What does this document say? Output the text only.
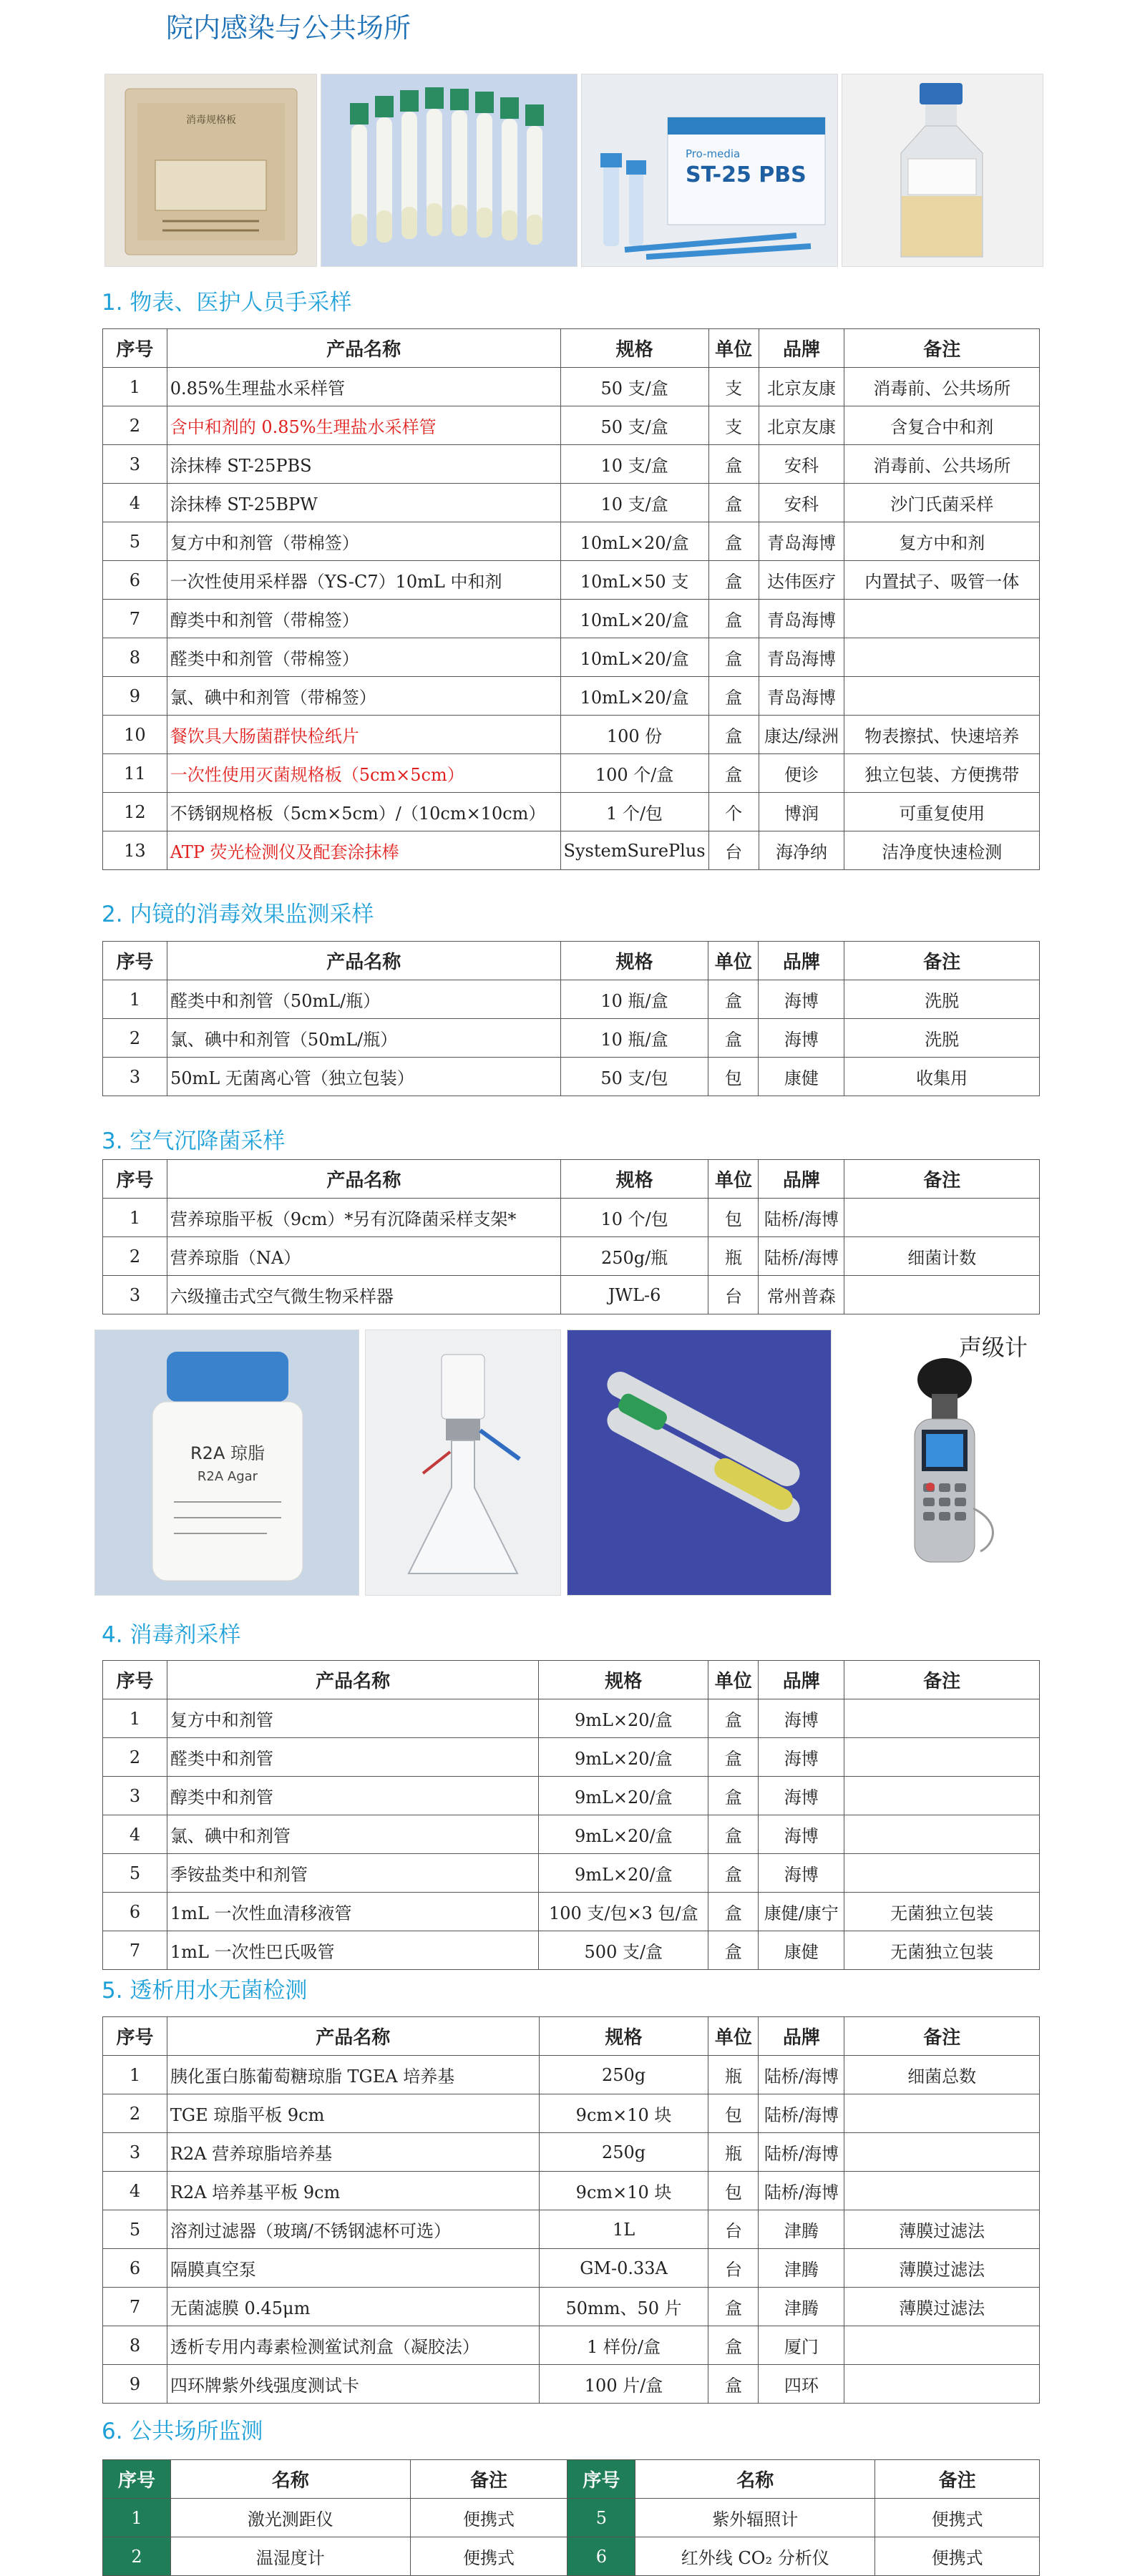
院内感染与公共场所
消毒规格板
Pro-media
ST-25 PBS
1. 物表、医护人员手采样
序号	产品名称	规格	单位	品牌	备注
1	0.85%生理盐水采样管	50 支/盒	支	北京友康	消毒前、公共场所
2	含中和剂的 0.85%生理盐水采样管	50 支/盒	支	北京友康	含复合中和剂
3	涂抹棒 ST-25PBS	10 支/盒	盒	安科	消毒前、公共场所
4	涂抹棒 ST-25BPW	10 支/盒	盒	安科	沙门氏菌采样
5	复方中和剂管（带棉签）	10mL×20/盒	盒	青岛海博	复方中和剂
6	一次性使用采样器（YS-C7）10mL 中和剂	10mL×50 支	盒	达伟医疗	内置拭子、吸管一体
7	醇类中和剂管（带棉签）	10mL×20/盒	盒	青岛海博	
8	醛类中和剂管（带棉签）	10mL×20/盒	盒	青岛海博	
9	氯、碘中和剂管（带棉签）	10mL×20/盒	盒	青岛海博	
10	餐饮具大肠菌群快检纸片	100 份	盒	康达/绿洲	物表擦拭、快速培养
11	一次性使用灭菌规格板（5cm×5cm）	100 个/盒	盒	便诊	独立包装、方便携带
12	不锈钢规格板（5cm×5cm）/（10cm×10cm）	1 个/包	个	博润	可重复使用
13	ATP 荧光检测仪及配套涂抹棒	SystemSurePlus	台	海净纳	洁净度快速检测
2. 内镜的消毒效果监测采样
序号	产品名称	规格	单位	品牌	备注
1	醛类中和剂管（50mL/瓶）	10 瓶/盒	盒	海博	洗脱
2	氯、碘中和剂管（50mL/瓶）	10 瓶/盒	盒	海博	洗脱
3	50mL 无菌离心管（独立包装）	50 支/包	包	康健	收集用
3. 空气沉降菌采样
序号	产品名称	规格	单位	品牌	备注
1	营养琼脂平板（9cm）*另有沉降菌采样支架*	10 个/包	包	陆桥/海博	
2	营养琼脂（NA）	250g/瓶	瓶	陆桥/海博	细菌计数
3	六级撞击式空气微生物采样器	JWL-6	台	常州普森	
R2A 琼脂
R2A Agar
声级计
4. 消毒剂采样
序号	产品名称	规格	单位	品牌	备注
1	复方中和剂管	9mL×20/盒	盒	海博	
2	醛类中和剂管	9mL×20/盒	盒	海博	
3	醇类中和剂管	9mL×20/盒	盒	海博	
4	氯、碘中和剂管	9mL×20/盒	盒	海博	
5	季铵盐类中和剂管	9mL×20/盒	盒	海博	
6	1mL 一次性血清移液管	100 支/包×3 包/盒	盒	康健/康宁	无菌独立包装
7	1mL 一次性巴氏吸管	500 支/盒	盒	康健	无菌独立包装
5. 透析用水无菌检测
序号	产品名称	规格	单位	品牌	备注
1	胰化蛋白胨葡萄糖琼脂 TGEA 培养基	250g	瓶	陆桥/海博	细菌总数
2	TGE 琼脂平板 9cm	9cm×10 块	包	陆桥/海博	
3	R2A 营养琼脂培养基	250g	瓶	陆桥/海博	
4	R2A 培养基平板 9cm	9cm×10 块	包	陆桥/海博	
5	溶剂过滤器（玻璃/不锈钢滤杯可选）	1L	台	津腾	薄膜过滤法
6	隔膜真空泵	GM-0.33A	台	津腾	薄膜过滤法
7	无菌滤膜 0.45μm	50mm、50 片	盒	津腾	薄膜过滤法
8	透析专用内毒素检测鲎试剂盒（凝胶法）	1 样份/盒	盒	厦门	
9	四环牌紫外线强度测试卡	100 片/盒	盒	四环	
6. 公共场所监测
序号	名称	备注	序号	名称	备注
1	激光测距仪	便携式	5	紫外辐照计	便携式
2	温湿度计	便携式	6	红外线 CO₂ 分析仪	便携式
